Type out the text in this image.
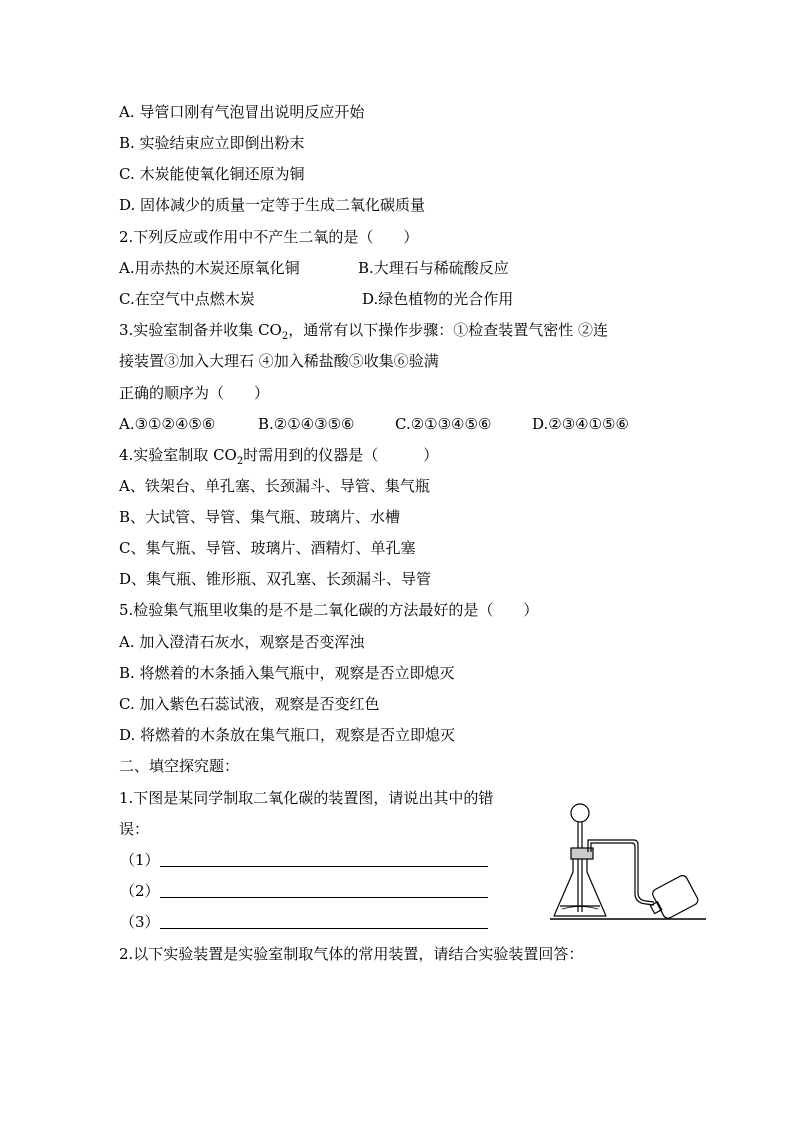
A. 导管口刚有气泡冒出说明反应开始
B. 实验结束应立即倒出粉末
C. 木炭能使氧化铜还原为铜
D. 固体减少的质量一定等于生成二氧化碳质量
2.下列反应或作用中不产生二氧的是（　　）
A.用赤热的木炭还原氧化铜	B.大理石与稀硫酸反应
C.在空气中点燃木炭	D.绿色植物的光合作用
3.实验室制备并收集 $CO_2$，通常有以下操作步骤：①检查装置气密性 ②连
接装置③加入大理石 ④加入稀盐酸⑤收集⑥验满
正确的顺序为（　　）
A.③①②④⑤⑥	B.②①④③⑤⑥	C.②①③④⑤⑥	D.②③④①⑤⑥
4.实验室制取 $CO_2$时需用到的仪器是（　　　）
A、铁架台、单孔塞、长颈漏斗、导管、集气瓶
B、大试管、导管、集气瓶、玻璃片、水槽
C、集气瓶、导管、玻璃片、酒精灯、单孔塞
D、集气瓶、锥形瓶、双孔塞、长颈漏斗、导管
5.检验集气瓶里收集的是不是二氧化碳的方法最好的是（　　）
A. 加入澄清石灰水，观察是否变浑浊
B. 将燃着的木条插入集气瓶中，观察是否立即熄灭
C. 加入紫色石蕊试液，观察是否变红色
D. 将燃着的木条放在集气瓶口，观察是否立即熄灭
二、填空探究题：
1.下图是某同学制取二氧化碳的装置图，请说出其中的错
误：
（1）
（2）
（3）
2.以下实验装置是实验室制取气体的常用装置，请结合实验装置回答：
